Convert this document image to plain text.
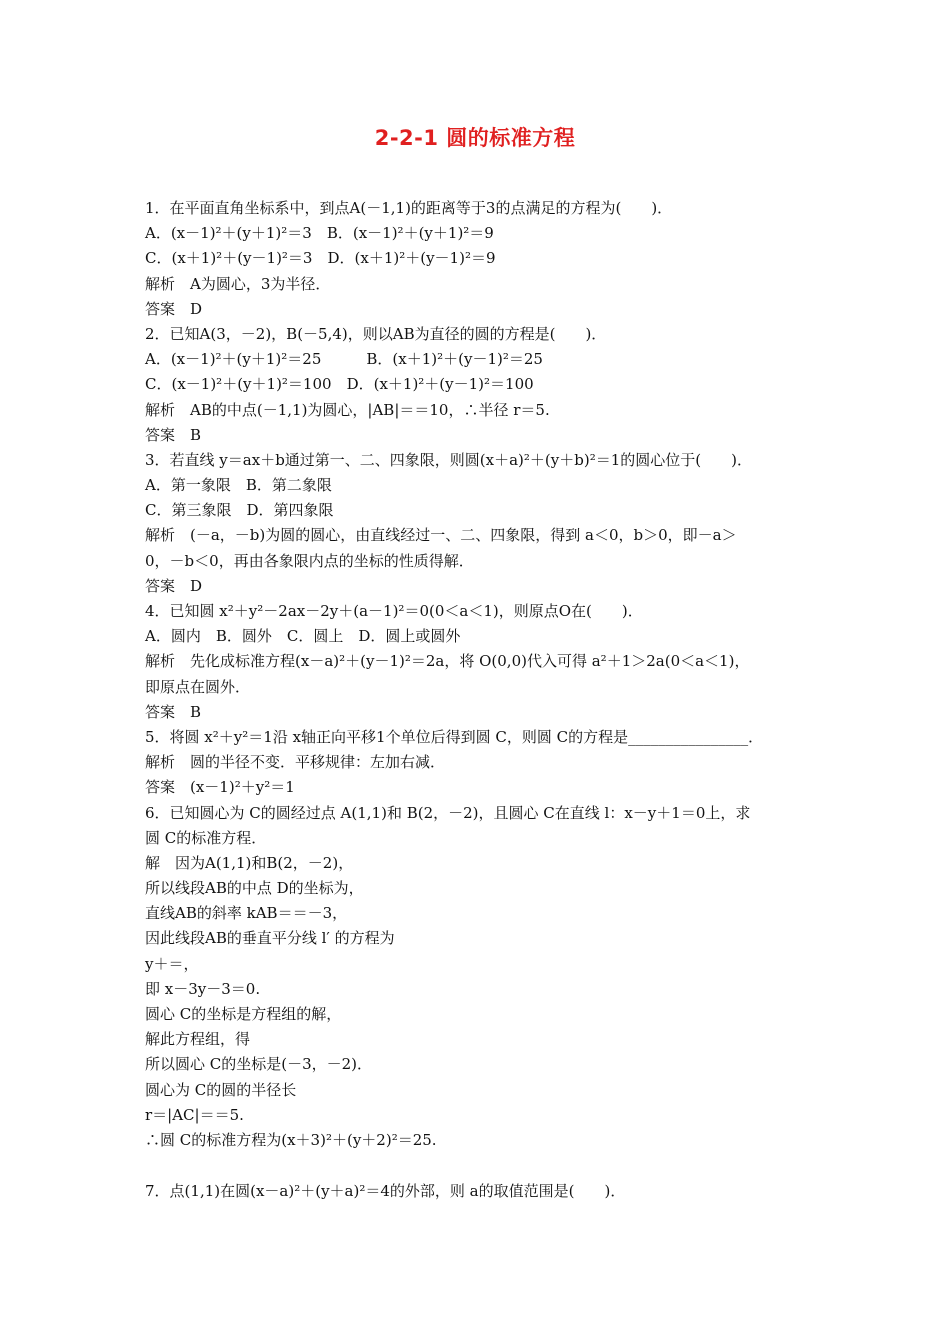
2-2-1 圆的标准方程
1．在平面直角坐标系中，到点A(－1,1)的距离等于3的点满足的方程为(　　)．
A．(x－1)²＋(y＋1)²＝3　B．(x－1)²＋(y＋1)²＝9
C．(x＋1)²＋(y－1)²＝3　D．(x＋1)²＋(y－1)²＝9
解析　A为圆心，3为半径．
答案　D
2．已知A(3，－2)，B(－5,4)，则以AB为直径的圆的方程是(　　)．
A．(x－1)²＋(y＋1)²＝25　　　B．(x＋1)²＋(y－1)²＝25
C．(x－1)²＋(y＋1)²＝100　D．(x＋1)²＋(y－1)²＝100
解析　AB的中点(－1,1)为圆心，|AB|＝＝10，∴半径 r＝5.
答案　B
3．若直线 y＝ax＋b通过第一、二、四象限，则圆(x＋a)²＋(y＋b)²＝1的圆心位于(　　)．
A．第一象限　B．第二象限
C．第三象限　D．第四象限
解析　(－a，－b)为圆的圆心，由直线经过一、二、四象限，得到 a＜0，b＞0，即－a＞
0，－b＜0，再由各象限内点的坐标的性质得解．
答案　D
4．已知圆 x²＋y²－2ax－2y＋(a－1)²＝0(0＜a＜1)，则原点O在(　　)．
A．圆内　B．圆外　C．圆上　D．圆上或圆外
解析　先化成标准方程(x－a)²＋(y－1)²＝2a，将 O(0,0)代入可得 a²＋1＞2a(0＜a＜1)，
即原点在圆外．
答案　B
5．将圆 x²＋y²＝1沿 x轴正向平移1个单位后得到圆 C，则圆 C的方程是________________．
解析　圆的半径不变．平移规律：左加右减．
答案　(x－1)²＋y²＝1
6．已知圆心为 C的圆经过点 A(1,1)和 B(2，－2)，且圆心 C在直线 l：x－y＋1＝0上，求
圆 C的标准方程．
解　因为A(1,1)和B(2，－2)，
所以线段AB的中点 D的坐标为，
直线AB的斜率 kAB＝＝－3，
因此线段AB的垂直平分线 l′ 的方程为
y＋＝，
即 x－3y－3＝0.
圆心 C的坐标是方程组的解，
解此方程组，得
所以圆心 C的坐标是(－3，－2)．
圆心为 C的圆的半径长
r＝|AC|＝＝5.
∴圆 C的标准方程为(x＋3)²＋(y＋2)²＝25.
7．点(1,1)在圆(x－a)²＋(y＋a)²＝4的外部，则 a的取值范围是(　　)．
